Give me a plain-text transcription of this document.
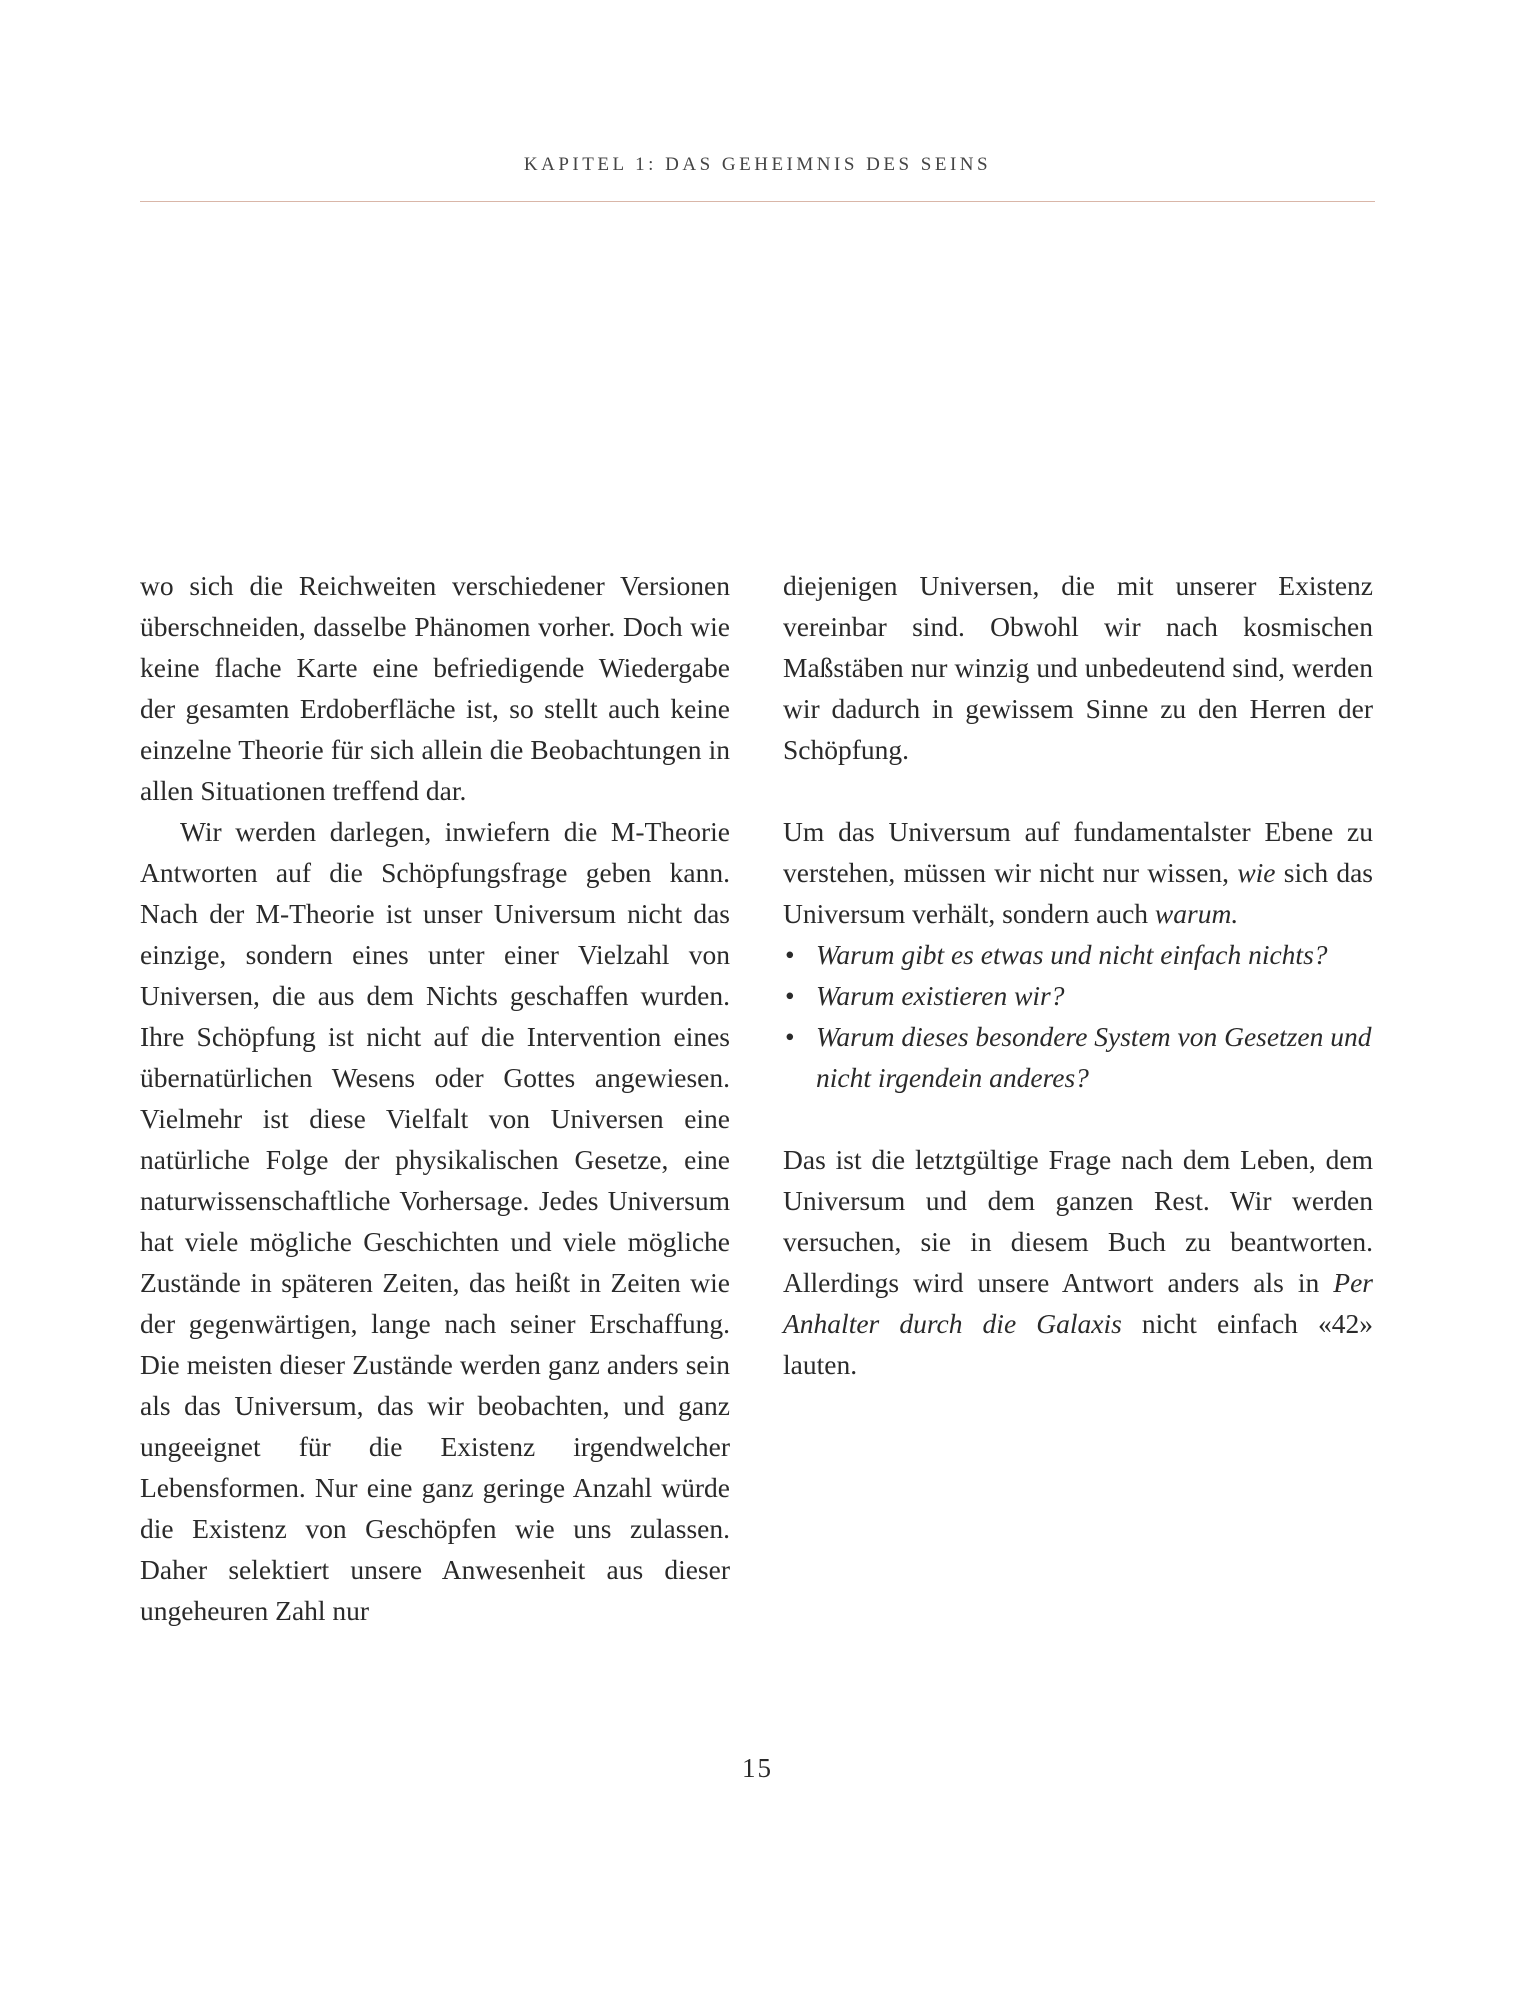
KAPITEL 1: DAS GEHEIMNIS DES SEINS

wo sich die Reichweiten verschiedener Versionen überschneiden, dasselbe Phänomen vorher. Doch wie keine flache Karte eine befriedigende Wiedergabe der gesamten Erdoberfläche ist, so stellt auch keine einzelne Theorie für sich allein die Beobachtungen in allen Situationen treffend dar.

Wir werden darlegen, inwiefern die M-Theorie Antworten auf die Schöpfungsfrage geben kann. Nach der M-Theorie ist unser Universum nicht das einzige, sondern eines unter einer Vielzahl von Universen, die aus dem Nichts geschaffen wurden. Ihre Schöpfung ist nicht auf die Intervention eines übernatürlichen Wesens oder Gottes angewiesen. Vielmehr ist diese Vielfalt von Universen eine natürliche Folge der physikalischen Gesetze, eine naturwissenschaftliche Vorhersage. Jedes Universum hat viele mögliche Geschichten und viele mögliche Zustände in späteren Zeiten, das heißt in Zeiten wie der gegenwärtigen, lange nach seiner Erschaffung. Die meisten dieser Zustände werden ganz anders sein als das Universum, das wir beobachten, und ganz ungeeignet für die Existenz irgendwelcher Lebensformen. Nur eine ganz geringe Anzahl würde die Existenz von Geschöpfen wie uns zulassen. Daher selektiert unsere Anwesenheit aus dieser ungeheuren Zahl nur

diejenigen Universen, die mit unserer Existenz vereinbar sind. Obwohl wir nach kosmischen Maßstäben nur winzig und unbedeutend sind, werden wir dadurch in gewissem Sinne zu den Herren der Schöpfung.

Um das Universum auf fundamentalster Ebene zu verstehen, müssen wir nicht nur wissen, wie sich das Universum verhält, sondern auch warum.

• Warum gibt es etwas und nicht einfach nichts?
• Warum existieren wir?
• Warum dieses besondere System von Gesetzen und nicht irgendein anderes?

Das ist die letztgültige Frage nach dem Leben, dem Universum und dem ganzen Rest. Wir werden versuchen, sie in diesem Buch zu beantworten. Allerdings wird unsere Antwort anders als in Per Anhalter durch die Galaxis nicht einfach «42» lauten.

15
